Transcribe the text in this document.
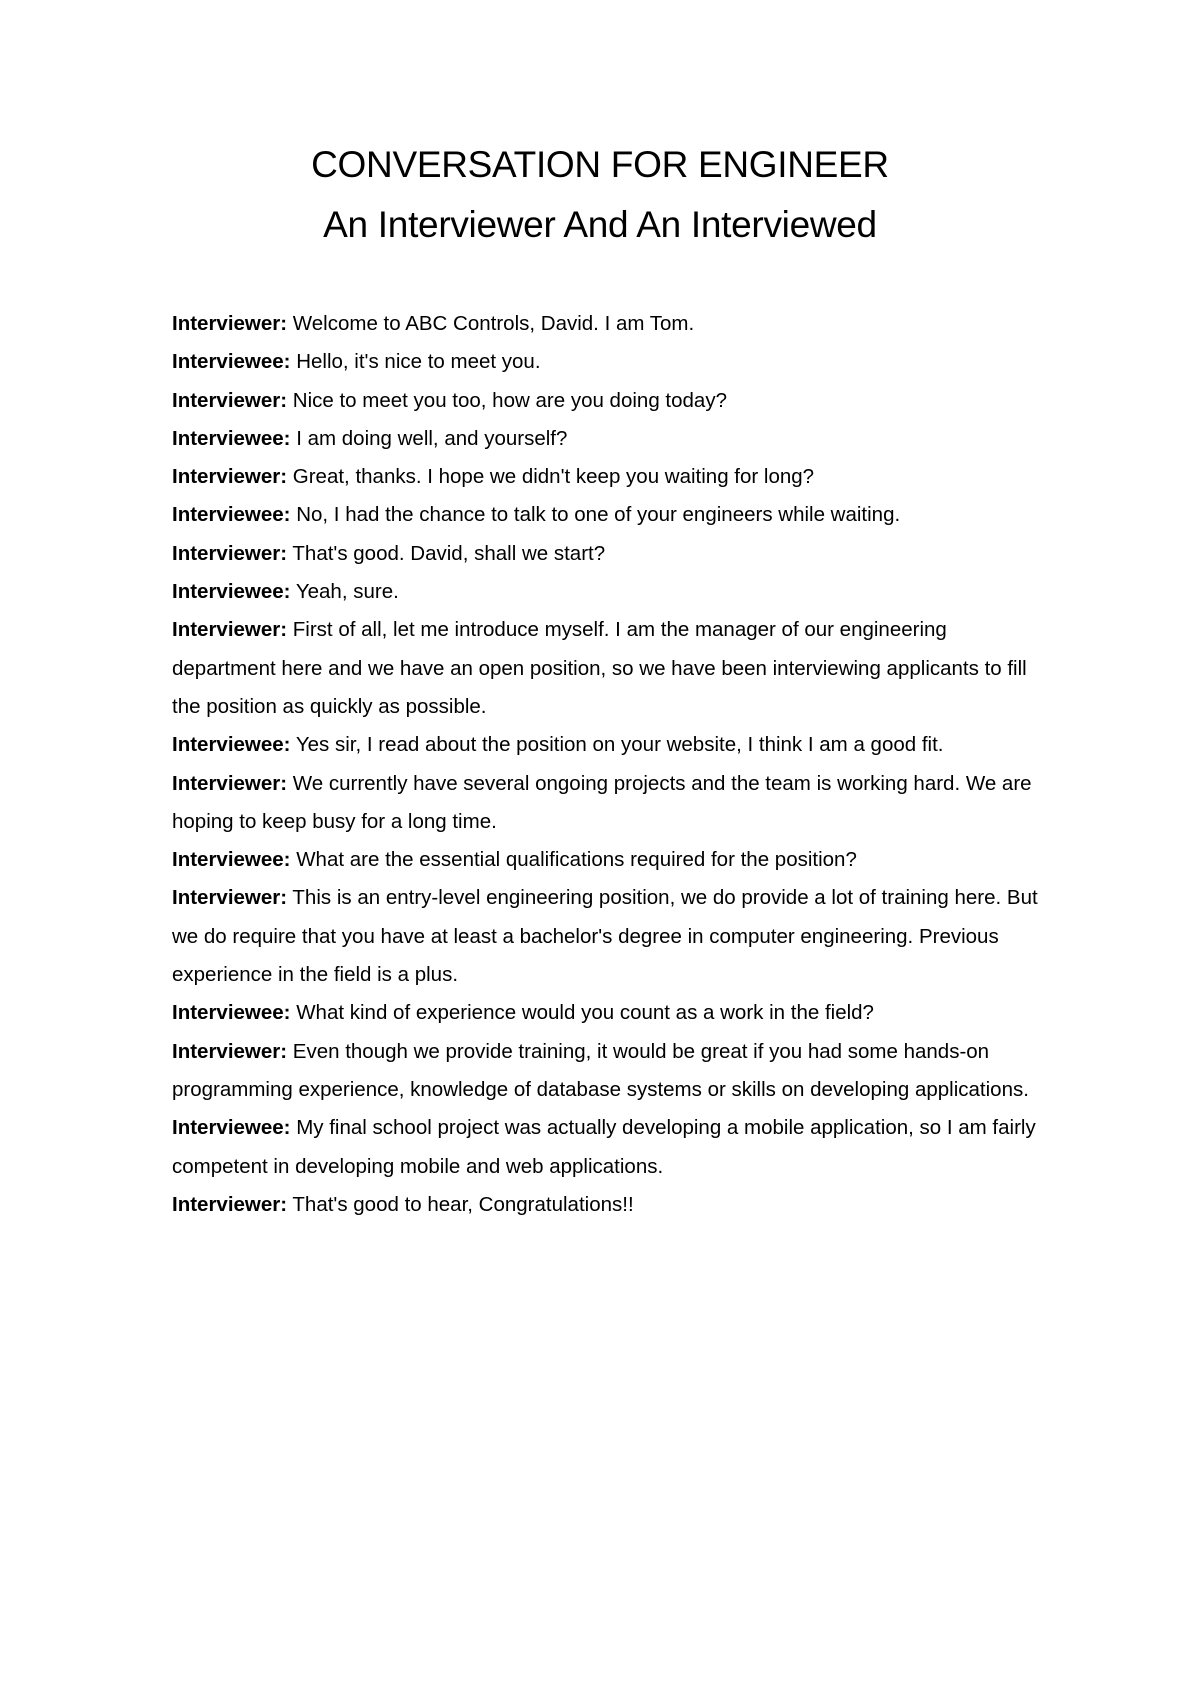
CONVERSATION FOR ENGINEER
An Interviewer And An Interviewed

Interviewer: Welcome to ABC Controls, David. I am Tom.

Interviewee: Hello, it's nice to meet you.

Interviewer: Nice to meet you too, how are you doing today?

Interviewee: I am doing well, and yourself?

Interviewer: Great, thanks. I hope we didn't keep you waiting for long?

Interviewee: No, I had the chance to talk to one of your engineers while waiting.

Interviewer: That's good. David, shall we start?

Interviewee: Yeah, sure.

Interviewer: First of all, let me introduce myself. I am the manager of our engineering department here and we have an open position, so we have been interviewing applicants to fill the position as quickly as possible.

Interviewee: Yes sir, I read about the position on your website, I think I am a good fit.

Interviewer: We currently have several ongoing projects and the team is working hard. We are hoping to keep busy for a long time.

Interviewee: What are the essential qualifications required for the position?

Interviewer: This is an entry-level engineering position, we do provide a lot of training here. But we do require that you have at least a bachelor's degree in computer engineering. Previous experience in the field is a plus.

Interviewee: What kind of experience would you count as a work in the field?

Interviewer: Even though we provide training, it would be great if you had some hands-on programming experience, knowledge of database systems or skills on developing applications.

Interviewee: My final school project was actually developing a mobile application, so I am fairly competent in developing mobile and web applications.

Interviewer: That's good to hear, Congratulations!!
